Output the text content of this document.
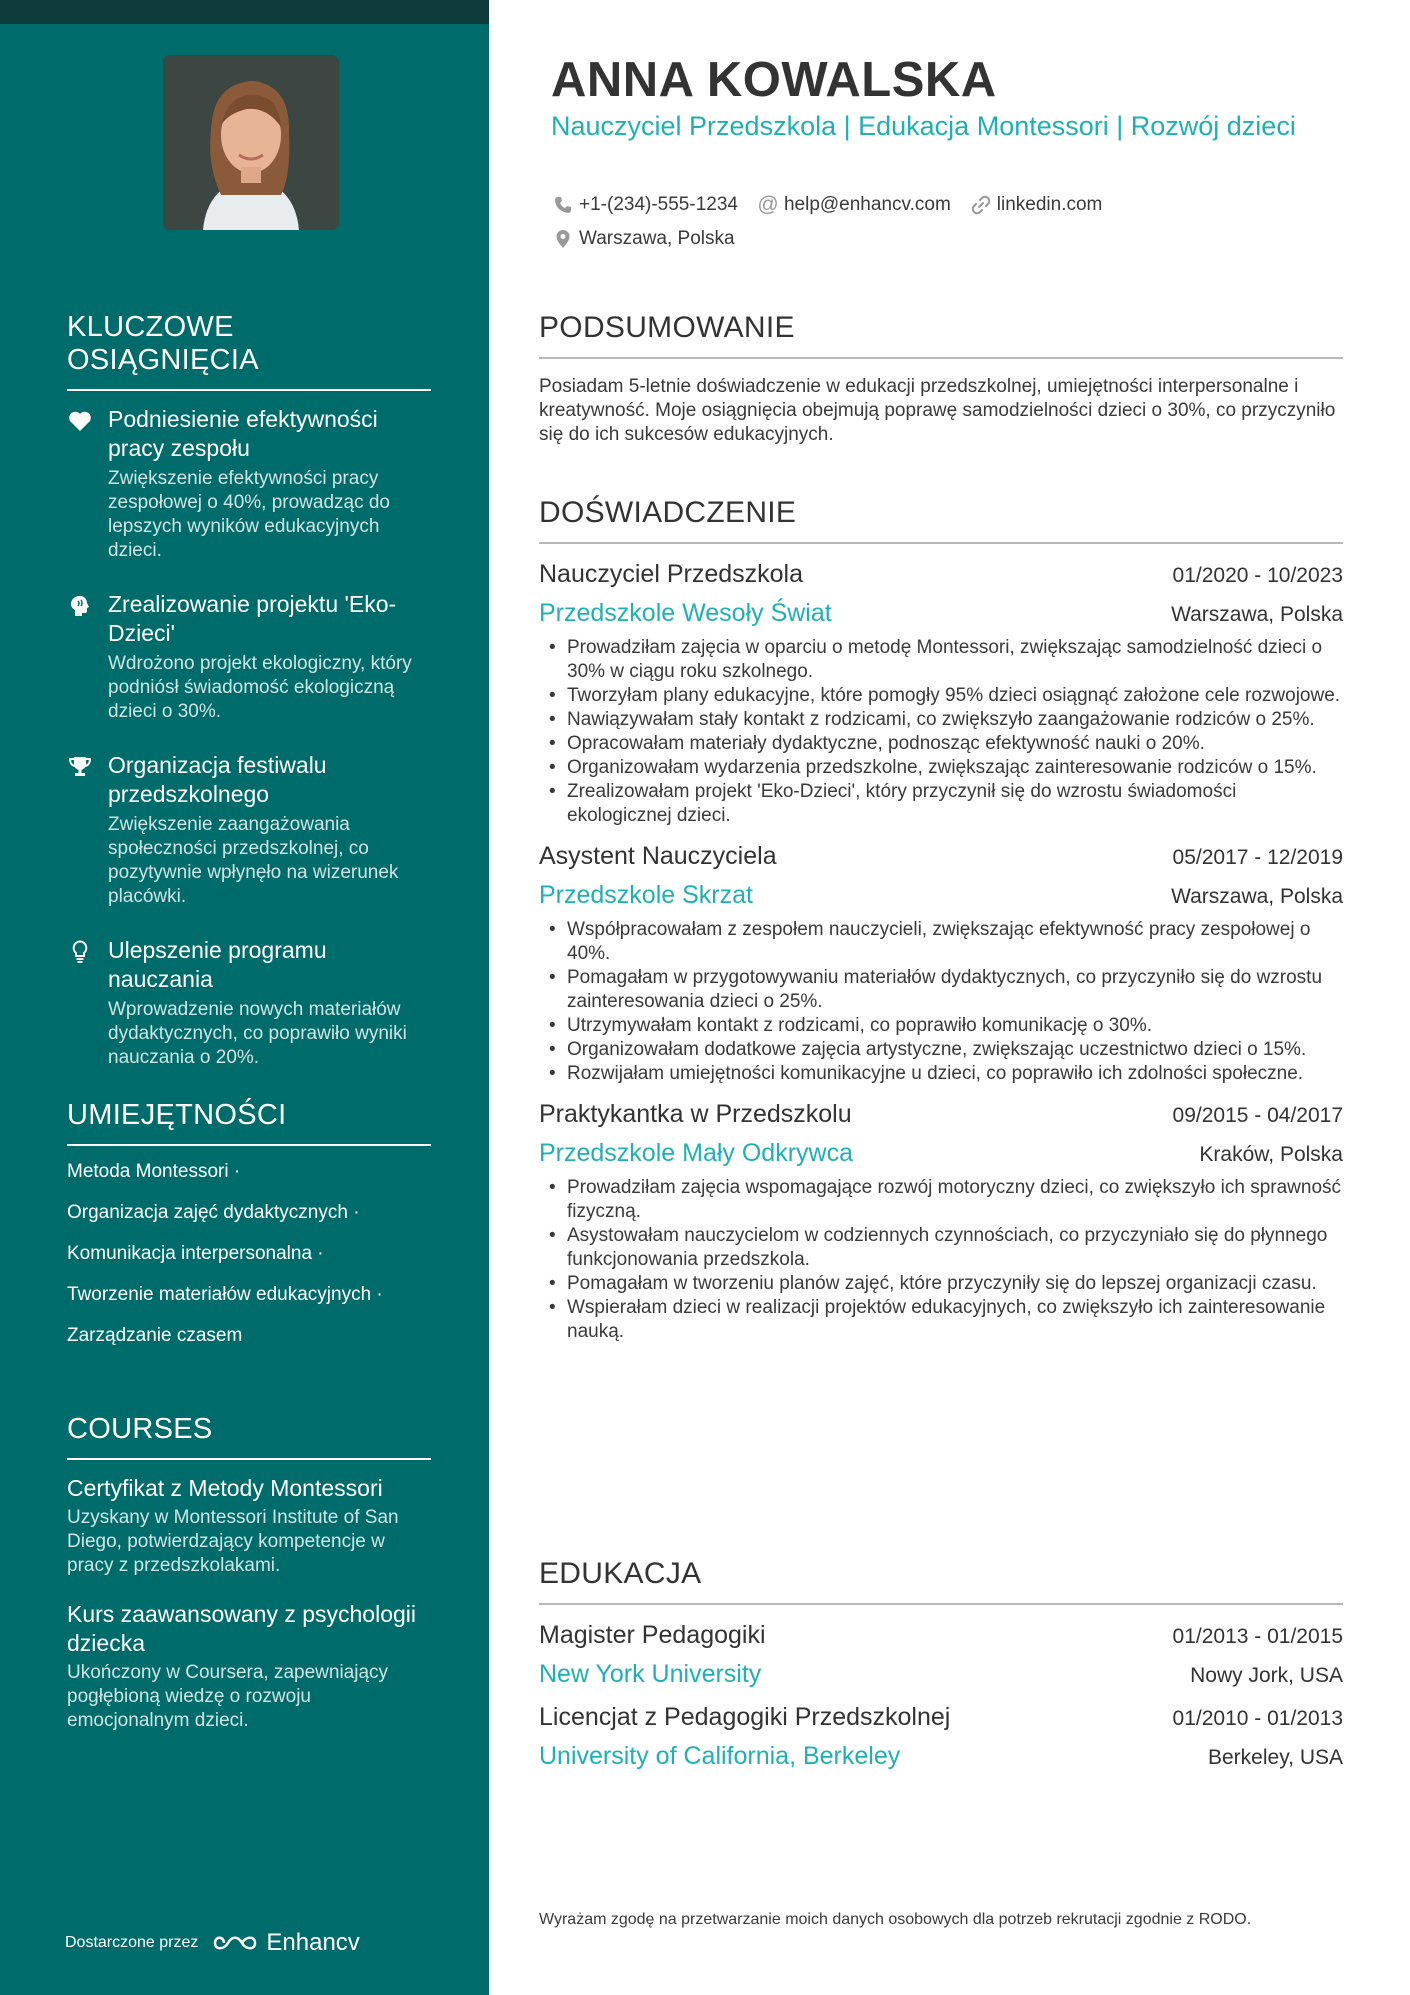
KLUCZOWE OSIĄGNIĘCIA
Podniesienie efektywności pracy zespołu
Zwiększenie efektywności pracy zespołowej o 40%, prowadząc do lepszych wyników edukacyjnych dzieci.
Zrealizowanie projektu 'Eko-Dzieci'
Wdrożono projekt ekologiczny, który podniósł świadomość ekologiczną dzieci o 30%.
Organizacja festiwalu przedszkolnego
Zwiększenie zaangażowania społeczności przedszkolnej, co pozytywnie wpłynęło na wizerunek placówki.
Ulepszenie programu nauczania
Wprowadzenie nowych materiałów dydaktycznych, co poprawiło wyniki nauczania o 20%.
UMIEJĘTNOŚCI
Metoda Montessori ·
Organizacja zajęć dydaktycznych ·
Komunikacja interpersonalna ·
Tworzenie materiałów edukacyjnych ·
Zarządzanie czasem
COURSES
Certyfikat z Metody Montessori
Uzyskany w Montessori Institute of San Diego, potwierdzający kompetencje w pracy z przedszkolakami.
Kurs zaawansowany z psychologii dziecka
Ukończony w Coursera, zapewniający pogłębioną wiedzę o rozwoju emocjonalnym dzieci.
Dostarczone przez	Enhancv
ANNA KOWALSKA
Nauczyciel Przedszkola | Edukacja Montessori | Rozwój dzieci
+1-(234)-555-1234 @ help@enhancv.com linkedin.com
Warszawa, Polska
PODSUMOWANIE
Posiadam 5-letnie doświadczenie w edukacji przedszkolnej, umiejętności interpersonalne i kreatywność. Moje osiągnięcia obejmują poprawę samodzielności dzieci o 30%, co przyczyniło się do ich sukcesów edukacyjnych.
DOŚWIADCZENIE
Nauczyciel Przedszkola	01/2020 - 10/2023
Przedszkole Wesoły Świat	Warszawa, Polska
• Prowadziłam zajęcia w oparciu o metodę Montessori, zwiększając samodzielność dzieci o 30% w ciągu roku szkolnego.
• Tworzyłam plany edukacyjne, które pomogły 95% dzieci osiągnąć założone cele rozwojowe.
• Nawiązywałam stały kontakt z rodzicami, co zwiększyło zaangażowanie rodziców o 25%.
• Opracowałam materiały dydaktyczne, podnosząc efektywność nauki o 20%.
• Organizowałam wydarzenia przedszkolne, zwiększając zainteresowanie rodziców o 15%.
• Zrealizowałam projekt 'Eko-Dzieci', który przyczynił się do wzrostu świadomości ekologicznej dzieci.
Asystent Nauczyciela	05/2017 - 12/2019
Przedszkole Skrzat	Warszawa, Polska
• Współpracowałam z zespołem nauczycieli, zwiększając efektywność pracy zespołowej o 40%.
• Pomagałam w przygotowywaniu materiałów dydaktycznych, co przyczyniło się do wzrostu zainteresowania dzieci o 25%.
• Utrzymywałam kontakt z rodzicami, co poprawiło komunikację o 30%.
• Organizowałam dodatkowe zajęcia artystyczne, zwiększając uczestnictwo dzieci o 15%.
• Rozwijałam umiejętności komunikacyjne u dzieci, co poprawiło ich zdolności społeczne.
Praktykantka w Przedszkolu	09/2015 - 04/2017
Przedszkole Mały Odkrywca	Kraków, Polska
• Prowadziłam zajęcia wspomagające rozwój motoryczny dzieci, co zwiększyło ich sprawność fizyczną.
• Asystowałam nauczycielom w codziennych czynnościach, co przyczyniało się do płynnego funkcjonowania przedszkola.
• Pomagałam w tworzeniu planów zajęć, które przyczyniły się do lepszej organizacji czasu.
• Wspierałam dzieci w realizacji projektów edukacyjnych, co zwiększyło ich zainteresowanie nauką.
EDUKACJA
Magister Pedagogiki	01/2013 - 01/2015
New York University	Nowy Jork, USA
Licencjat z Pedagogiki Przedszkolnej	01/2010 - 01/2013
University of California, Berkeley	Berkeley, USA
Wyrażam zgodę na przetwarzanie moich danych osobowych dla potrzeb rekrutacji zgodnie z RODO.
